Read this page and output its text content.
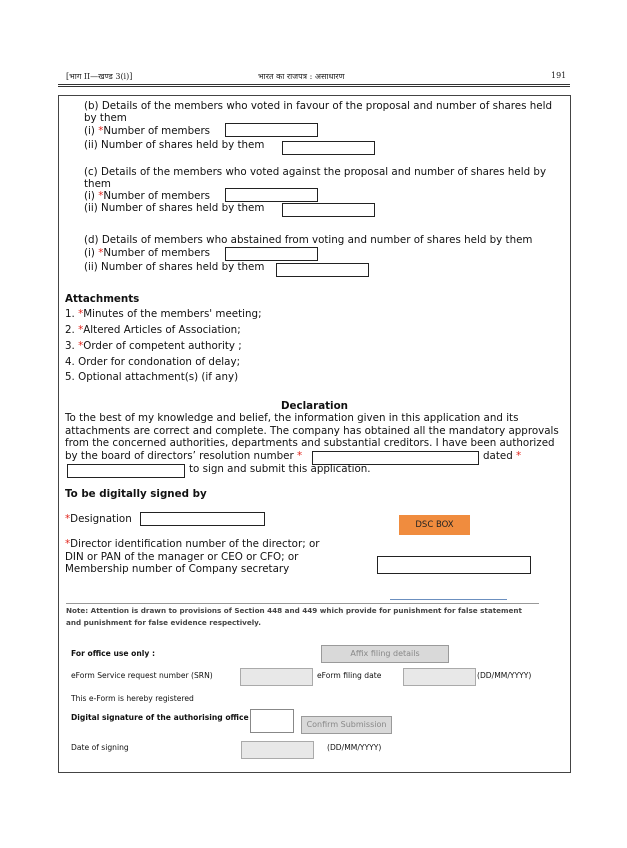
[भाग II—खण्ड 3(i)]	भारत का राजपत्र : असाधारण	191
(b) Details of the members who voted in favour of the proposal and number of shares held
by them
(i) *Number of members
(ii) Number of shares held by them
(c) Details of the members who voted against the proposal and number of shares held by
them
(i) *Number of members
(ii) Number of shares held by them
(d) Details of members who abstained from voting and number of shares held by them
(i) *Number of members
(ii) Number of shares held by them
Attachments
1. *Minutes of the members' meeting;
2. *Altered Articles of Association;
3. *Order of competent authority ;
4. Order for condonation of delay;
5. Optional attachment(s) (if any)
Declaration
To the best of my knowledge and belief, the information given in this application and its
attachments are correct and complete. The company has obtained all the mandatory approvals
from the concerned authorities, departments and substantial creditors. I have been authorized
by the board of directors’ resolution number *	dated *
to sign and submit this application.
To be digitally signed by
*Designation	DSC BOX
*Director identification number of the director; or
DIN or PAN of the manager or CEO or CFO; or
Membership number of Company secretary
Note: Attention is drawn to provisions of Section 448 and 449 which provide for punishment for false statement
and punishment for false evidence respectively.
For office use only :	Affix filing details
eForm Service request number (SRN)	eForm filing date	(DD/MM/YYYY)
This e-Form is hereby registered
Digital signature of the authorising office
Confirm Submission
Date of signing	(DD/MM/YYYY)
